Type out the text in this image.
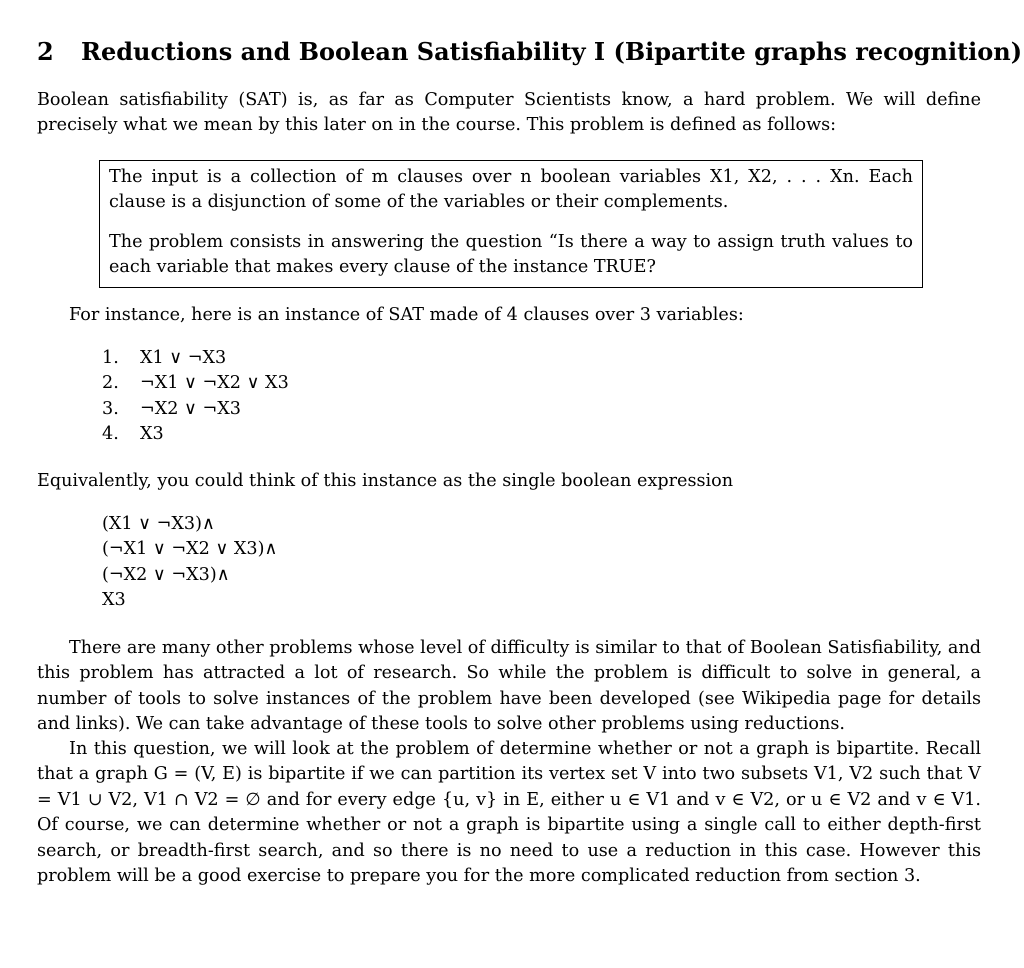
2 Reductions and Boolean Satisfiability I (Bipartite graphs recognition)
Boolean satisfiability (SAT) is, as far as Computer Scientists know, a hard problem. We will define precisely what we mean by this later on in the course. This problem is defined as follows:

The input is a collection of m clauses over n boolean variables X1, X2, . . . Xn. Each clause is a disjunction of some of the variables or their complements.

The problem consists in answering the question “Is there a way to assign truth values to each variable that makes every clause of the instance TRUE?

For instance, here is an instance of SAT made of 4 clauses over 3 variables:
1. X1 ∨ ¬X3
2. ¬X1 ∨ ¬X2 ∨ X3
3. ¬X2 ∨ ¬X3
4. X3
Equivalently, you could think of this instance as the single boolean expression
(X1 ∨ ¬X3)∧
(¬X1 ∨ ¬X2 ∨ X3)∧
(¬X2 ∨ ¬X3)∧
X3
There are many other problems whose level of difficulty is similar to that of Boolean Satisfiability, and this problem has attracted a lot of research. So while the problem is difficult to solve in general, a number of tools to solve instances of the problem have been developed (see Wikipedia page for details and links). We can take advantage of these tools to solve other problems using reductions.
In this question, we will look at the problem of determine whether or not a graph is bipartite. Recall that a graph G = (V, E) is bipartite if we can partition its vertex set V into two subsets V1, V2 such that V = V1 ∪ V2, V1 ∩ V2 = ∅ and for every edge {u, v} in E, either u ∈ V1 and v ∈ V2, or u ∈ V2 and v ∈ V1. Of course, we can determine whether or not a graph is bipartite using a single call to either depth-first search, or breadth-first search, and so there is no need to use a reduction in this case. However this problem will be a good exercise to prepare you for the more complicated reduction from section 3.
